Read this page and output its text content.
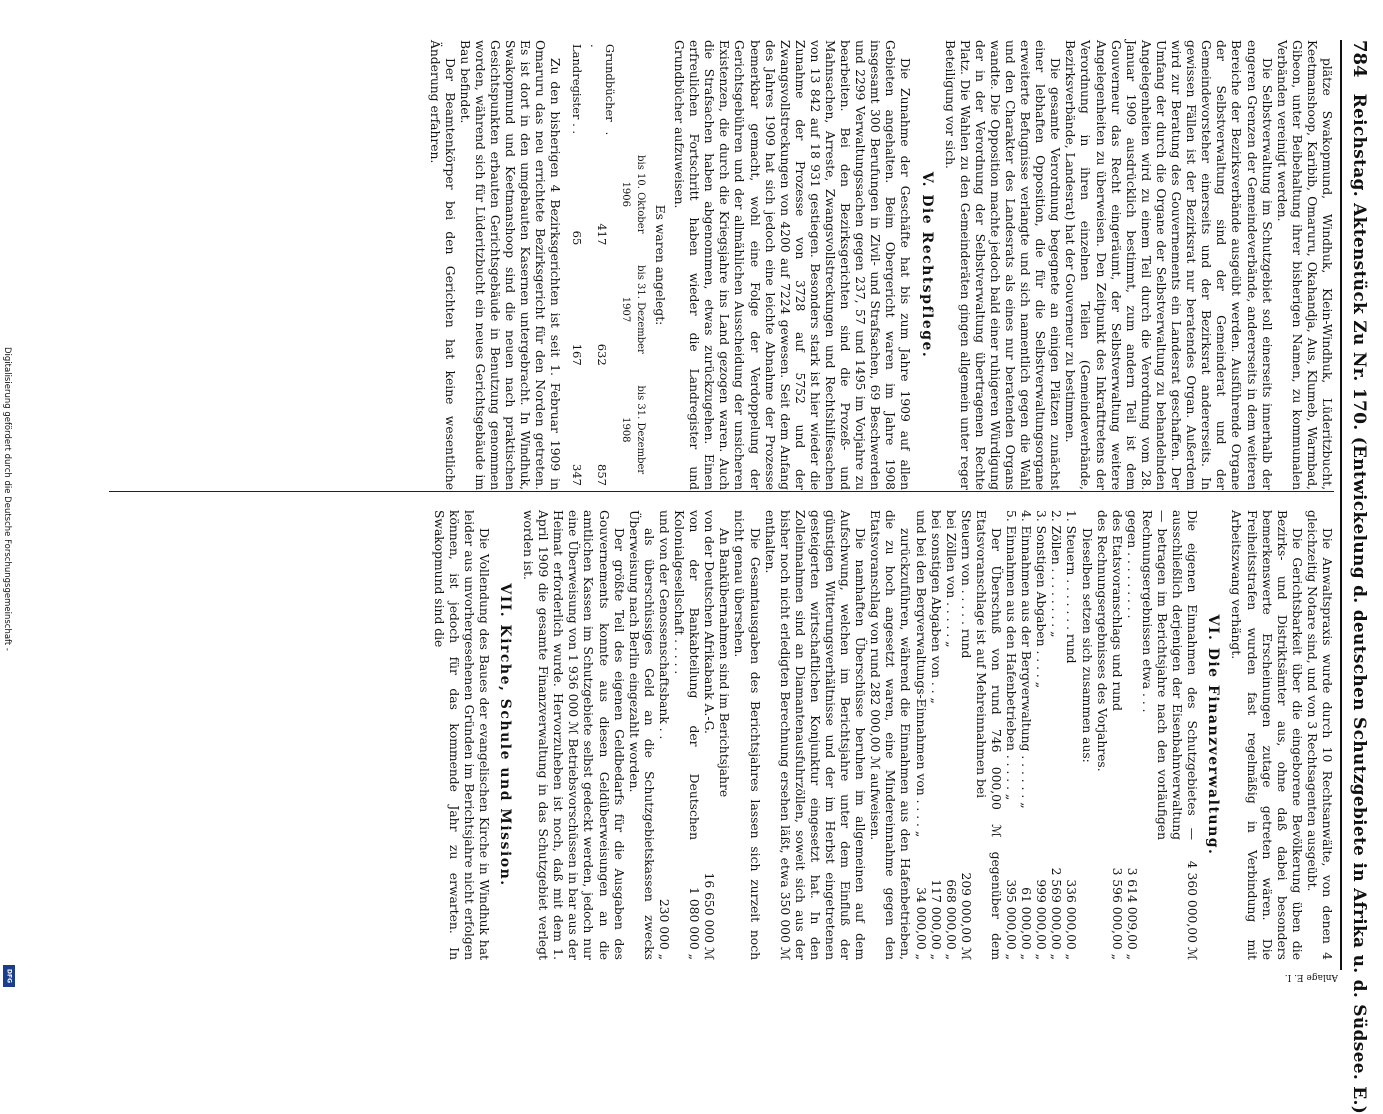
784
Reichstag. Aktenstück Zu Nr. 170. (Entwickelung d. deutschen Schutzgebiete in Afrika u. d. Südsee. E.)
Anlage E. I.

plätze Swakopmund, Windhuk, Klein-Windhuk, Lüderitzbucht, Keetmanshoop, Karibib, Omaruru, Okahandja, Aus, Klumeb, Warmbad, Gibeon, unter Beibehaltung ihrer bisherigen Namen, zu kommunalen Verbänden vereinigt werden.

Die Selbstverwaltung im Schutzgebiet soll einerseits innerhalb der engeren Grenzen der Gemeindeverbände, andererseits in dem weiteren Bereiche der Bezirksverbände ausgeübt werden. Ausführende Organe der Selbstverwaltung sind der Gemeinderat und der Gemeindevorsteher einerseits und der Bezirksrat andererseits. In gewissen Fällen ist der Bezirksrat nur beratendes Organ. Außerdem wird zur Beratung des Gouvernements ein Landesrat geschaffen. Der Umfang der durch die Organe der Selbstverwaltung zu behandelnden Angelegenheiten wird zu einem Teil durch die Verordnung vom 28. Januar 1909 ausdrücklich bestimmt, zum andern Teil ist dem Gouverneur das Recht eingeräumt, der Selbstverwaltung weitere Angelegenheiten zu überweisen. Den Zeitpunkt des Inkrafttretens der Verordnung in ihren einzelnen Teilen (Gemeindeverbände, Bezirksverbände, Landesrat) hat der Gouverneur zu bestimmen.

Die gesamte Verordnung begegnete an einigen Plätzen zunächst einer lebhaften Opposition, die für die Selbstverwaltungsorgane erweiterte Befugnisse verlangte und sich namentlich gegen die Wahl und den Charakter des Landesrats als eines nur beratenden Organs wandte. Die Opposition machte jedoch bald einer ruhigeren Würdigung der in der Verordnung der Selbstverwaltung übertragenen Rechte Platz. Die Wahlen zu den Gemeinderäten gingen allgemein unter reger Beteiligung vor sich.

V. Die Rechtspflege.

Die Zunahme der Geschäfte hat bis zum Jahre 1909 auf allen Gebieten angehalten. Beim Obergericht waren im Jahre 1908 insgesamt 300 Berufungen in Zivil- und Strafsachen, 69 Beschwerden und 2299 Verwaltungssachen gegen 237, 57 und 1495 im Vorjahre zu bearbeiten. Bei den Bezirksgerichten sind die Prozeß- und Mahnsachen, Arreste, Zwangsvollstreckungen und Rechtshilfesachen von 13 842 auf 18 931 gestiegen. Besonders stark ist hier wieder die Zunahme der Prozesse von 3728 auf 5752 und der Zwangsvollstreckungen von 4200 auf 7224 gewesen. Seit dem Anfang des Jahres 1909 hat sich jedoch eine leichte Abnahme der Prozesse bemerkbar gemacht, wohl eine Folge der Verdoppelung der Gerichtsgebühren und der allmählichen Ausscheidung der unsicheren Existenzen, die durch die Kriegsjahre ins Land gezogen waren. Auch die Strafsachen haben abgenommen, etwas zurückzugehen. Einen erfreulichen Fortschritt haben wieder die Landregister und Grundbücher aufzuweisen.

Es waren angelegt:
	bis 10. Oktober 1906	bis 31. Dezember 1907	bis 31. Dezember 1908
Grundbücher . .	417	632	857
Landregister . .	65	167	347

Zu den bisherigen 4 Bezirksgerichten ist seit 1. Februar 1909 in Omaruru das neu errichtete Bezirksgericht für den Norden getreten. Es ist dort in den umgebauten Kasernen untergebracht. In Windhuk, Swakopmund und Keetmanshoop sind die neuen nach praktischen Gesichtspunkten erbauten Gerichtsgebäude in Benutzung genommen worden, während sich für Lüderitzbucht ein neues Gerichtsgebäude im Bau befindet.

Der Beamtenkörper bei den Gerichten hat keine wesentliche Änderung erfahren.

Die Anwaltspraxis wurde durch 10 Rechtsanwälte, von denen 4 gleichzeitig Notare sind, und von 3 Rechtsagenten ausgeübt.

Die Gerichtsbarkeit über die eingeborene Bevölkerung üben die Bezirks- und Distriktsämter aus, ohne daß dabei besonders bemerkenswerte Erscheinungen zutage getreten wären. Die Freiheitsstrafen wurden fast regelmäßig in Verbindung mit Arbeitszwang verhängt.

VI. Die Finanzverwaltung.
Die eigenen Einnahmen des Schutzgebietes — ausschließlich derjenigen der Eisenbahnverwaltung — betragen im Berichtsjahre nach den vorläufigen Rechnungsergebnissen etwa . . .
4 360 000,00 ℳ
gegen . . . . . . . . .
3 614 009,00 „
des Etatsvoranschlags und rund
3 596 000,00 „
des Rechnungsergebnisses des Vorjahres.

Dieselben setzen sich zusammen aus:

1. Steuern . . . . . . . rund
336 000,00 „
2. Zöllen . . . . . . . . „
2 569 000,00 „
3. Sonstigen Abgaben . . . . „
999 000,00 „
4. Einnahmen aus der Bergverwaltung . . . . . . „
61 000,00 „
5. Einnahmen aus den Hafenbetrieben . . . . . „
395 000,00 „

Der Überschuß von rund 746 000,00 ℳ gegenüber dem Etatsvoranschlage ist auf Mehreinnahmen bei

Steuern von . . . . . rund
209 000,00 ℳ
bei Zöllen von . . . . . „
668 000,00 „
bei sonstigen Abgaben von . . „
117 000,00 „
und bei den Bergverwaltungs-Einnahmen von . . . . „
34 000,00 „

zurückzuführen, während die Einnahmen aus den Hafenbetrieben, die zu hoch angesetzt waren, eine Mindereinnahme gegen den Etatsvoranschlag von rund 282 000,00 ℳ aufweisen.

Die namhaften Überschüsse beruhen im allgemeinen auf dem Aufschwung, welchen im Berichtsjahre unter dem Einfluß der günstigen Witterungsverhältnisse und der im Herbst eingetretenen gesteigerten wirtschaftlichen Konjunktur eingesetzt hat. In den Zolleinnahmen sind an Diamantenausfuhrzöllen, soweit sich aus der bisher noch nicht erledigten Berechnung ersehen läßt, etwa 350 000 ℳ enthalten.

Die Gesamtausgaben des Berichtsjahres lassen sich zurzeit noch nicht genau übersehen.

An Bankübernahmen sind im Berichtsjahre

von der Deutschen Afrikabank A.-G.
16 650 000 ℳ
von der Bankabteilung der Deutschen Kolonialgesellschaft . . . . .
1 080 000 „
und von der Genossenschaftsbank . .
230 000 „

als überschüssiges Geld an die Schutzgebietskassen zwecks Überweisung nach Berlin eingezahlt worden.

Der größte Teil des eigenen Geldbedarfs für die Ausgaben des Gouvernements konnte aus diesen Geldüberweisungen an die amtlichen Kassen im Schutzgebiete selbst gedeckt werden, jedoch nur eine Überweisung von 1 936 000 ℳ Betriebsvorschüssen in bar aus der Heimat erforderlich wurde. Hervorzuheben ist noch, daß mit dem 1. April 1909 die gesamte Finanzverwaltung in das Schutzgebiet verlegt worden ist.

VII. Kirche, Schule und Mission.

Die Vollendung des Baues der evangelischen Kirche in Windhuk hat leider aus unvorhergesehenen Gründen im Berichtsjahre nicht erfolgen können, ist jedoch für das kommende Jahr zu erwarten. In Swakopmund sind die

Digitalisierung gefördert durch die Deutsche Forschungsgemeinschaft -
DFG
